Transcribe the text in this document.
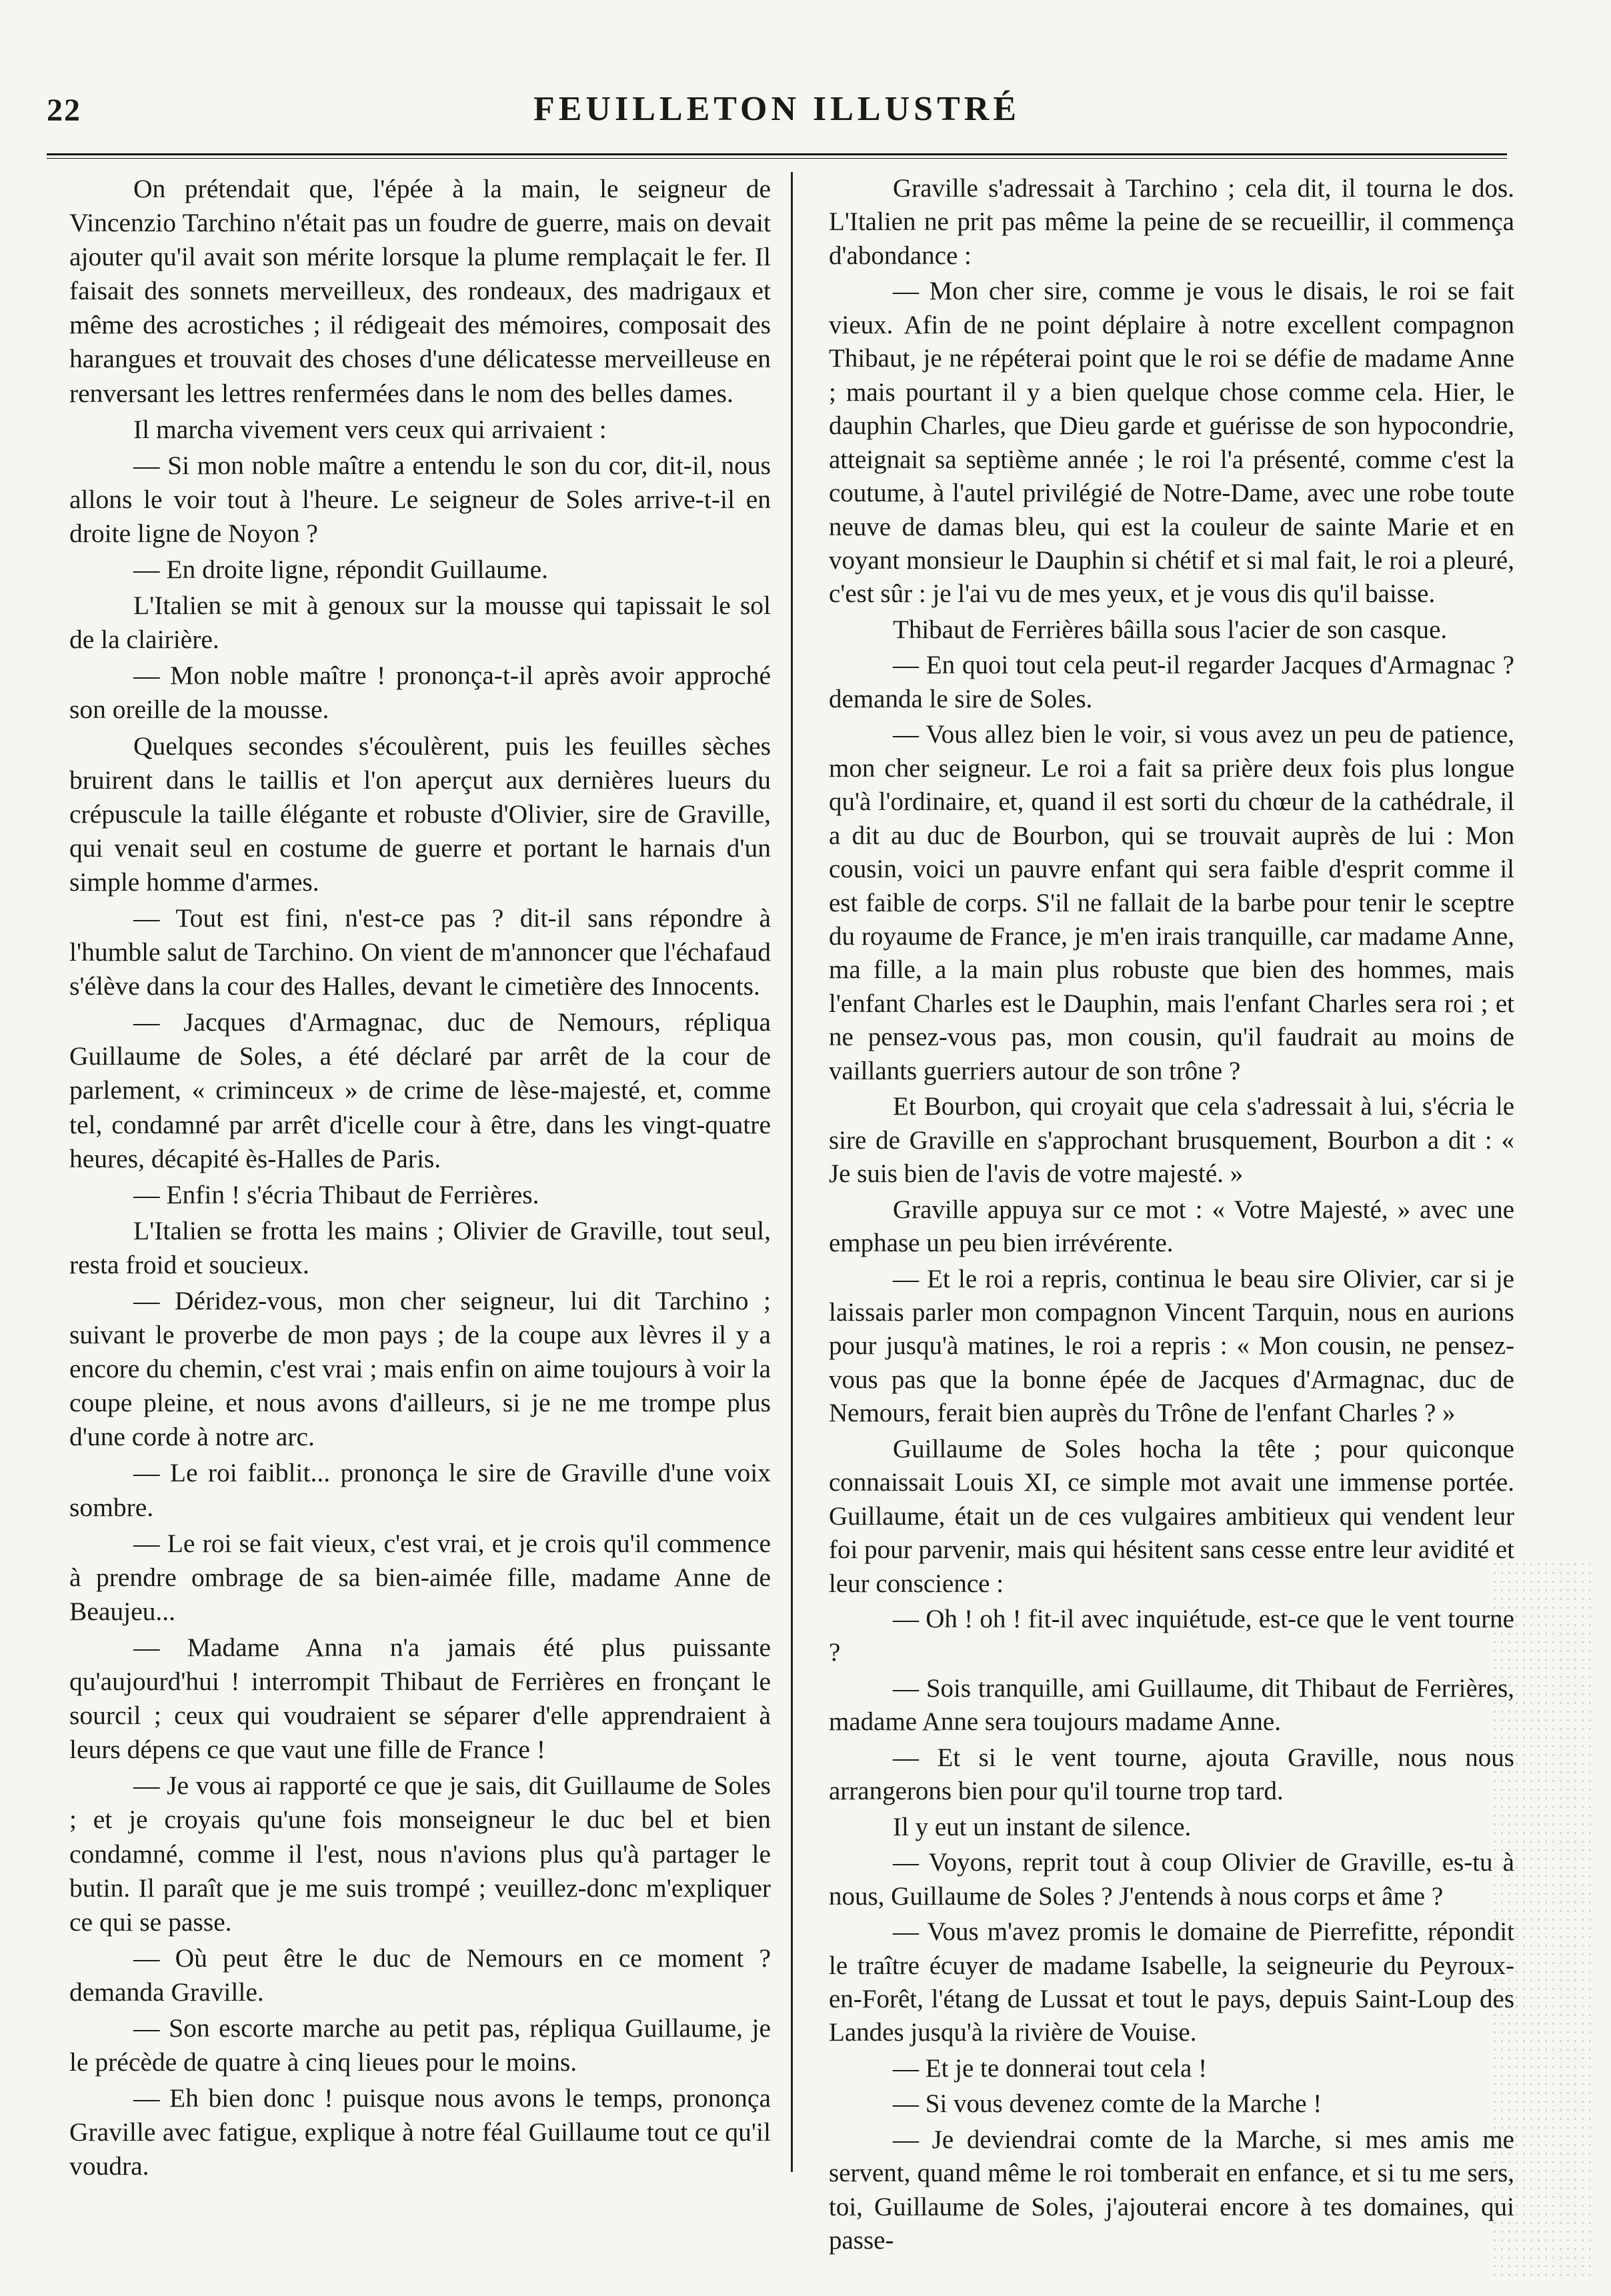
22	FEUILLETON ILLUSTRÉ

On prétendait que, l'épée à la main, le seigneur de Vincenzio Tarchino n'était pas un foudre de guerre, mais on devait ajouter qu'il avait son mérite lorsque la plume remplaçait le fer. Il faisait des sonnets merveilleux, des rondeaux, des madrigaux et même des acrostiches ; il rédigeait des mémoires, composait des harangues et trouvait des choses d'une délicatesse merveilleuse en renversant les lettres renfermées dans le nom des belles dames.

Il marcha vivement vers ceux qui arrivaient :

— Si mon noble maître a entendu le son du cor, dit-il, nous allons le voir tout à l'heure. Le seigneur de Soles arrive-t-il en droite ligne de Noyon ?

— En droite ligne, répondit Guillaume.

L'Italien se mit à genoux sur la mousse qui tapissait le sol de la clairière.

— Mon noble maître ! prononça-t-il après avoir approché son oreille de la mousse.

Quelques secondes s'écoulèrent, puis les feuilles sèches bruirent dans le taillis et l'on aperçut aux dernières lueurs du crépuscule la taille élégante et robuste d'Olivier, sire de Graville, qui venait seul en costume de guerre et portant le harnais d'un simple homme d'armes.

— Tout est fini, n'est-ce pas ? dit-il sans répondre à l'humble salut de Tarchino. On vient de m'annoncer que l'échafaud s'élève dans la cour des Halles, devant le cimetière des Innocents.

— Jacques d'Armagnac, duc de Nemours, répliqua Guillaume de Soles, a été déclaré par arrêt de la cour de parlement, « criminceux » de crime de lèse-majesté, et, comme tel, condamné par arrêt d'icelle cour à être, dans les vingt-quatre heures, décapité ès-Halles de Paris.

— Enfin ! s'écria Thibaut de Ferrières.

L'Italien se frotta les mains ; Olivier de Graville, tout seul, resta froid et soucieux.

— Déridez-vous, mon cher seigneur, lui dit Tarchino ; suivant le proverbe de mon pays ; de la coupe aux lèvres il y a encore du chemin, c'est vrai ; mais enfin on aime toujours à voir la coupe pleine, et nous avons d'ailleurs, si je ne me trompe plus d'une corde à notre arc.

— Le roi faiblit... prononça le sire de Graville d'une voix sombre.

— Le roi se fait vieux, c'est vrai, et je crois qu'il commence à prendre ombrage de sa bien-aimée fille, madame Anne de Beaujeu...

— Madame Anna n'a jamais été plus puissante qu'aujourd'hui ! interrompit Thibaut de Ferrières en fronçant le sourcil ; ceux qui voudraient se séparer d'elle apprendraient à leurs dépens ce que vaut une fille de France !

— Je vous ai rapporté ce que je sais, dit Guillaume de Soles ; et je croyais qu'une fois monseigneur le duc bel et bien condamné, comme il l'est, nous n'avions plus qu'à partager le butin. Il paraît que je me suis trompé ; veuillez-donc m'expliquer ce qui se passe.

— Où peut être le duc de Nemours en ce moment ? demanda Graville.

— Son escorte marche au petit pas, répliqua Guillaume, je le précède de quatre à cinq lieues pour le moins.

— Eh bien donc ! puisque nous avons le temps, prononça Graville avec fatigue, explique à notre féal Guillaume tout ce qu'il voudra.

Graville s'adressait à Tarchino ; cela dit, il tourna le dos. L'Italien ne prit pas même la peine de se recueillir, il commença d'abondance :

— Mon cher sire, comme je vous le disais, le roi se fait vieux. Afin de ne point déplaire à notre excellent compagnon Thibaut, je ne répéterai point que le roi se défie de madame Anne ; mais pourtant il y a bien quelque chose comme cela. Hier, le dauphin Charles, que Dieu garde et guérisse de son hypocondrie, atteignait sa septième année ; le roi l'a présenté, comme c'est la coutume, à l'autel privilégié de Notre-Dame, avec une robe toute neuve de damas bleu, qui est la couleur de sainte Marie et en voyant monsieur le Dauphin si chétif et si mal fait, le roi a pleuré, c'est sûr : je l'ai vu de mes yeux, et je vous dis qu'il baisse.

Thibaut de Ferrières bâilla sous l'acier de son casque.

— En quoi tout cela peut-il regarder Jacques d'Armagnac ? demanda le sire de Soles.

— Vous allez bien le voir, si vous avez un peu de patience, mon cher seigneur. Le roi a fait sa prière deux fois plus longue qu'à l'ordinaire, et, quand il est sorti du chœur de la cathédrale, il a dit au duc de Bourbon, qui se trouvait auprès de lui : Mon cousin, voici un pauvre enfant qui sera faible d'esprit comme il est faible de corps. S'il ne fallait de la barbe pour tenir le sceptre du royaume de France, je m'en irais tranquille, car madame Anne, ma fille, a la main plus robuste que bien des hommes, mais l'enfant Charles est le Dauphin, mais l'enfant Charles sera roi ; et ne pensez-vous pas, mon cousin, qu'il faudrait au moins de vaillants guerriers autour de son trône ?

Et Bourbon, qui croyait que cela s'adressait à lui, s'écria le sire de Graville en s'approchant brusquement, Bourbon a dit : « Je suis bien de l'avis de votre majesté. »

Graville appuya sur ce mot : « Votre Majesté, » avec une emphase un peu bien irrévérente.

— Et le roi a repris, continua le beau sire Olivier, car si je laissais parler mon compagnon Vincent Tarquin, nous en aurions pour jusqu'à matines, le roi a repris : « Mon cousin, ne pensez-vous pas que la bonne épée de Jacques d'Armagnac, duc de Nemours, ferait bien auprès du Trône de l'enfant Charles ? »

Guillaume de Soles hocha la tête ; pour quiconque connaissait Louis XI, ce simple mot avait une immense portée. Guillaume, était un de ces vulgaires ambitieux qui vendent leur foi pour parvenir, mais qui hésitent sans cesse entre leur avidité et leur conscience :

— Oh ! oh ! fit-il avec inquiétude, est-ce que le vent tourne ?

— Sois tranquille, ami Guillaume, dit Thibaut de Ferrières, madame Anne sera toujours madame Anne.

— Et si le vent tourne, ajouta Graville, nous nous arrangerons bien pour qu'il tourne trop tard.

Il y eut un instant de silence.

— Voyons, reprit tout à coup Olivier de Graville, es-tu à nous, Guillaume de Soles ? J'entends à nous corps et âme ?

— Vous m'avez promis le domaine de Pierrefitte, répondit le traître écuyer de madame Isabelle, la seigneurie du Peyroux-en-Forêt, l'étang de Lussat et tout le pays, depuis Saint-Loup des Landes jusqu'à la rivière de Vouise.

— Et je te donnerai tout cela !

— Si vous devenez comte de la Marche !

— Je deviendrai comte de la Marche, si mes amis me servent, quand même le roi tomberait en enfance, et si tu me sers, toi, Guillaume de Soles, j'ajouterai encore à tes domaines, qui passe-
